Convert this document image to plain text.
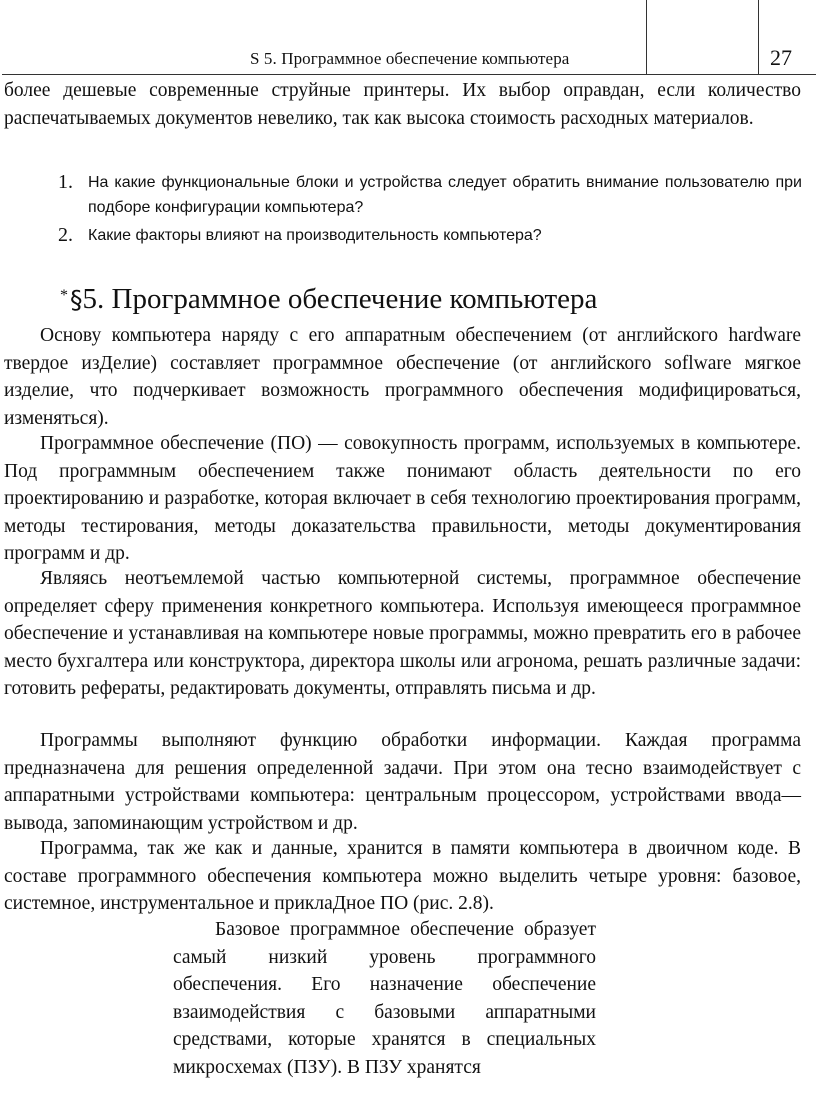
S 5. Программное обеспечение компьютера	27

более дешевые современные струйные принтеры. Их выбор оправдан, если количество распечатываемых документов невелико, так как высока стоимость расходных материалов.

1. На какие функциональные блоки и устройства следует обратить внимание пользователю при подборе конфигурации компьютера?
2. Какие факторы влияют на производительность компьютера?
*§5. Программное обеспечение компьютера

Основу компьютера наряду с его аппаратным обеспечением (от английского hardware твердое изДелие) составляет программное обеспечение (от английского soflware мягкое изделие, что подчеркивает возможность программного обеспечения модифицироваться, изменяться).

Программное обеспечение (ПО) — совокупность программ, используемых в компьютере. Под программным обеспечением также понимают область деятельности по его проектированию и разработке, которая включает в себя технологию проектирования программ, методы тестирования, методы доказательства правильности, методы документирования программ и др.

Являясь неотъемлемой частью компьютерной системы, программное обеспечение определяет сферу применения конкретного компьютера. Используя имеющееся программное обеспечение и устанавливая на компьютере новые программы, можно превратить его в рабочее место бухгалтера или конструктора, директора школы или агронома, решать различные задачи: готовить рефераты, редактировать документы, отправлять письма и др.

Программы выполняют функцию обработки информации. Каждая программа предназначена для решения определенной задачи. При этом она тесно взаимодействует с аппаратными устройствами компьютера: центральным процессором, устройствами ввода—вывода, запоминающим устройством и др.

Программа, так же как и данные, хранится в памяти компьютера в двоичном коде. В составе программного обеспечения компьютера можно выделить четыре уровня: базовое, системное, инструментальное и приклаДное ПО (рис. 2.8).

Базовое программное обеспечение образует самый низкий уровень программного обеспечения. Его назначение обеспечение взаимодействия с базовыми аппаратными средствами, которые хранятся в специальных микросхемах (ПЗУ). В ПЗУ хранятся
